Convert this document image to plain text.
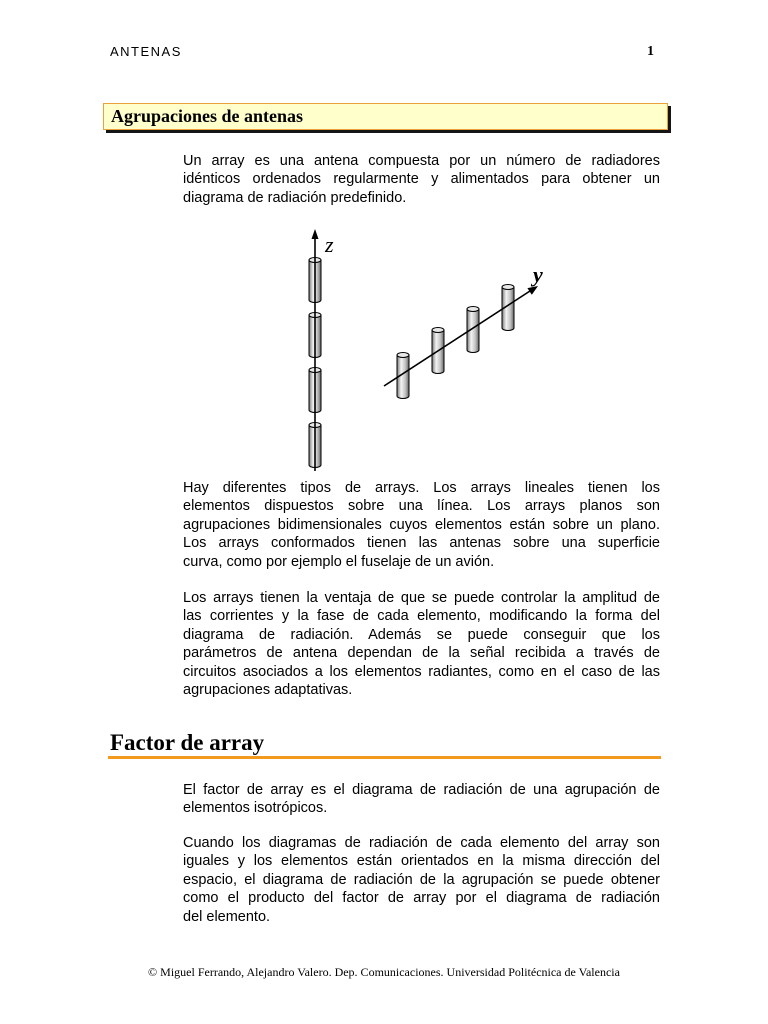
ANTENAS	1
Agrupaciones de antenas
Un array es una antena compuesta por un número de radiadores
idénticos ordenados regularmente y alimentados para obtener un
diagrama de radiación predefinido.
z
y
Hay diferentes tipos de arrays. Los arrays lineales tienen los
elementos dispuestos sobre una línea. Los arrays planos son
agrupaciones bidimensionales cuyos elementos están sobre un plano.
Los arrays conformados tienen las antenas sobre una superficie
curva, como por ejemplo el fuselaje de un avión.
Los arrays tienen la ventaja de que se puede controlar la amplitud de
las corrientes y la fase de cada elemento, modificando la forma del
diagrama de radiación. Además se puede conseguir que los
parámetros de antena dependan de la señal recibida a través de
circuitos asociados a los elementos radiantes, como en el caso de las
agrupaciones adaptativas.
Factor de array
El factor de array es el diagrama de radiación de una agrupación de
elementos isotrópicos.
Cuando los diagramas de radiación de cada elemento del array son
iguales y los elementos están orientados en la misma dirección del
espacio, el diagrama de radiación de la agrupación se puede obtener
como el producto del factor de array por el diagrama de radiación
del elemento.
© Miguel Ferrando, Alejandro Valero. Dep. Comunicaciones. Universidad Politécnica de Valencia
